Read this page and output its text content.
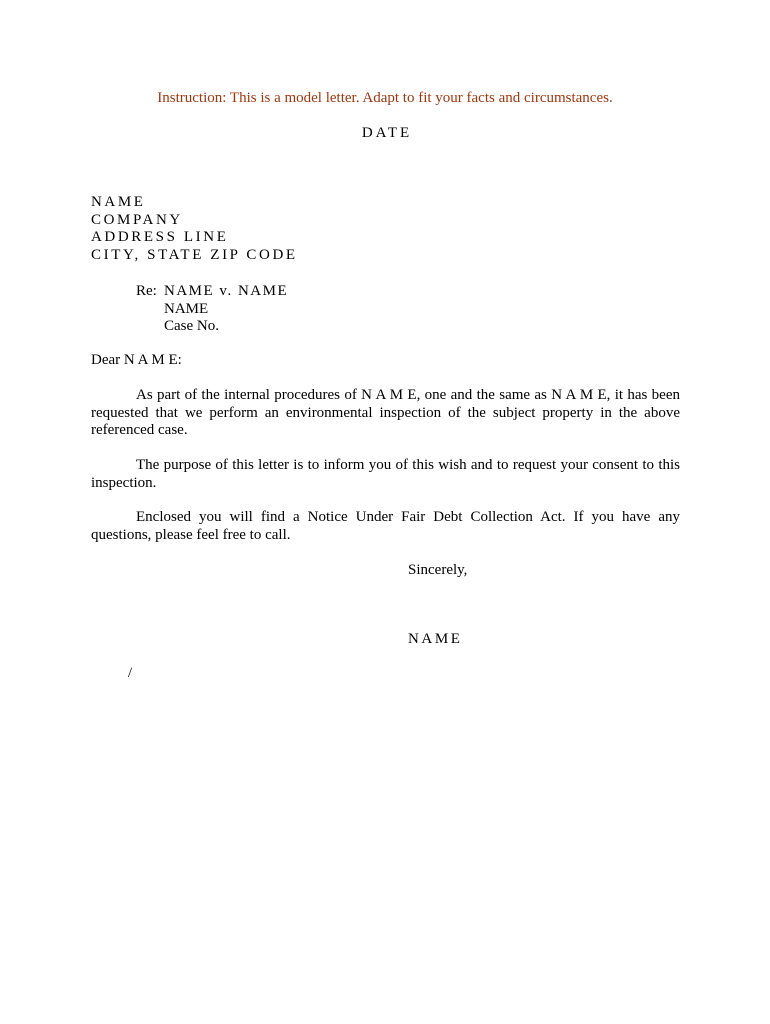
Instruction: This is a model letter. Adapt to fit your facts and circumstances.
DATE
NAME
COMPANY
ADDRESS LINE
CITY, STATE ZIP CODE
Re: NAME v. NAME
NAME
Case No.
Dear N A M E:
As part of the internal procedures of N A M E, one and the same as N A M E, it has been requested that we perform an environmental inspection of the subject property in the above referenced case.
The purpose of this letter is to inform you of this wish and to request your consent to this inspection.
Enclosed you will find a Notice Under Fair Debt Collection Act. If you have any questions, please feel free to call.
Sincerely,
NAME
/
